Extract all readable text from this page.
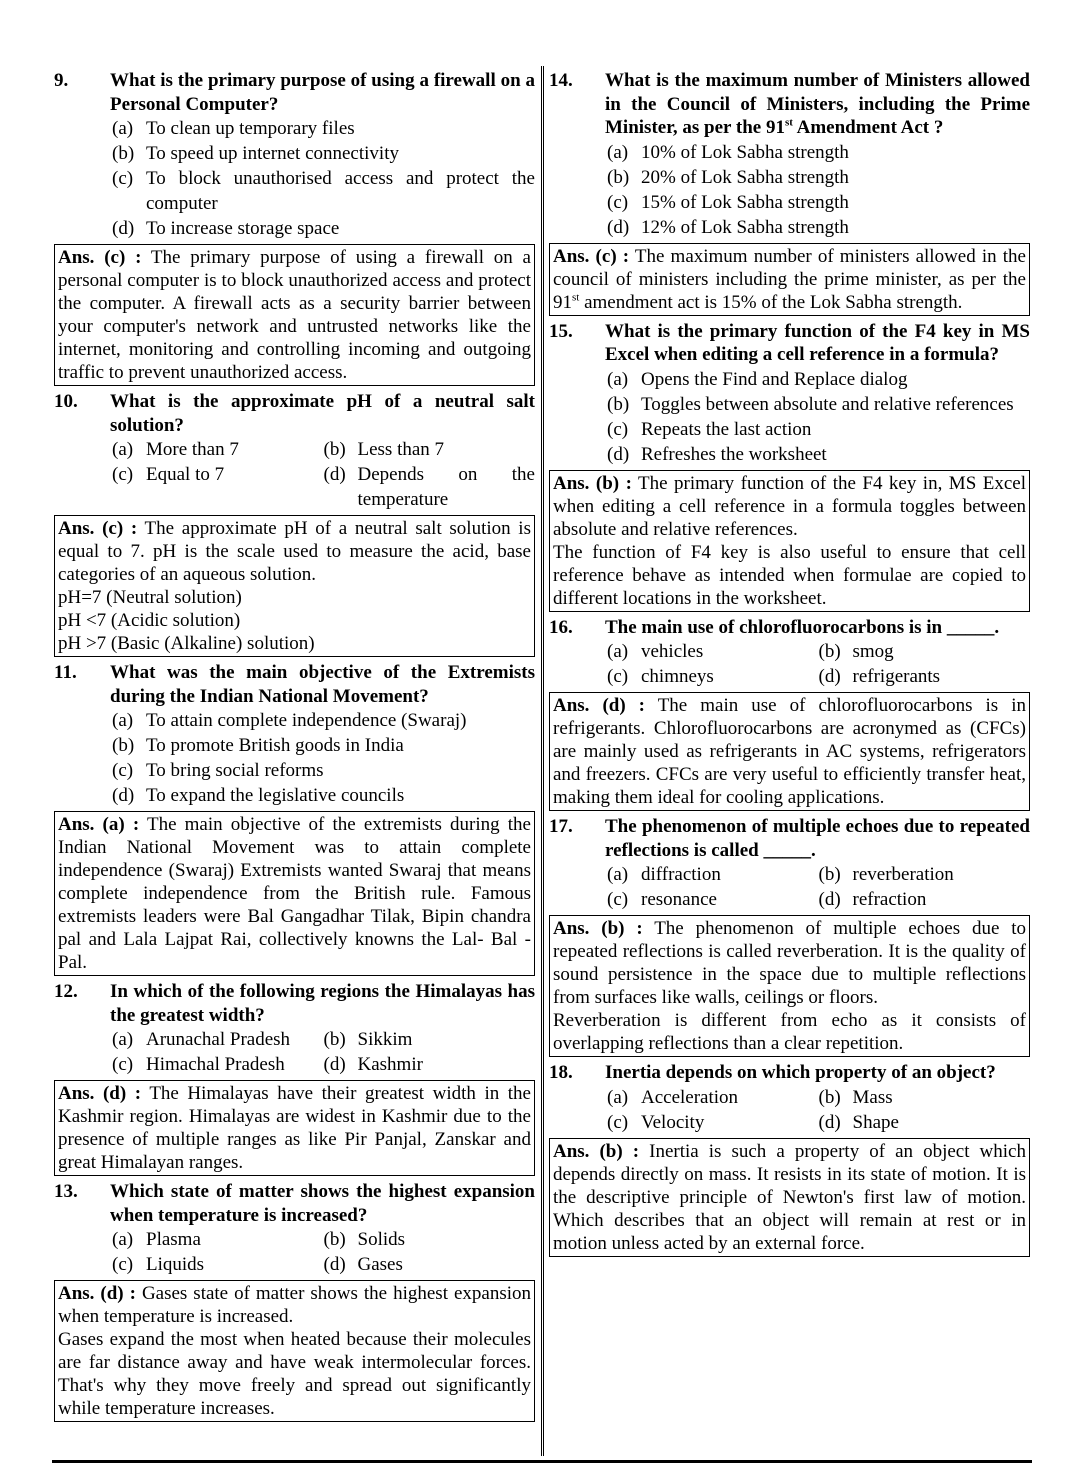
9.	What is the primary purpose of using a firewall on a Personal Computer?
(a) To clean up temporary files
(b) To speed up internet connectivity
(c) To block unauthorised access and protect the computer
(d) To increase storage space

Ans. (c) : The primary purpose of using a firewall on a personal computer is to block unauthorized access and protect the computer. A firewall acts as a security barrier between your computer's network and untrusted networks like the internet, monitoring and controlling incoming and outgoing traffic to prevent unauthorized access.

10.	What is the approximate pH of a neutral salt solution?
(a) More than 7	(b) Less than 7
(c) Equal to 7	(d) Depends on the temperature

Ans. (c) : The approximate pH of a neutral salt solution is equal to 7. pH is the scale used to measure the acid, base categories of an aqueous solution.

pH=7 (Neutral solution)

pH <7 (Acidic solution)

pH >7 (Basic (Alkaline) solution)

11.	What was the main objective of the Extremists during the Indian National Movement?
(a) To attain complete independence (Swaraj)
(b) To promote British goods in India
(c) To bring social reforms
(d) To expand the legislative councils

Ans. (a) : The main objective of the extremists during the Indian National Movement was to attain complete independence (Swaraj) Extremists wanted Swaraj that means complete independence from the British rule. Famous extremists leaders were Bal Gangadhar Tilak, Bipin chandra pal and Lala Lajpat Rai, collectively knowns the Lal- Bal - Pal.

12.	In which of the following regions the Himalayas has the greatest width?
(a) Arunachal Pradesh	(b) Sikkim
(c) Himachal Pradesh	(d) Kashmir

Ans. (d) : The Himalayas have their greatest width in the Kashmir region. Himalayas are widest in Kashmir due to the presence of multiple ranges as like Pir Panjal, Zanskar and great Himalayan ranges.

13.	Which state of matter shows the highest expansion when temperature is increased?
(a) Plasma	(b) Solids
(c) Liquids	(d) Gases

Ans. (d) : Gases state of matter shows the highest expansion when temperature is increased.

Gases expand the most when heated because their molecules are far distance away and have weak intermolecular forces. That's why they move freely and spread out significantly while temperature increases.

14.	What is the maximum number of Ministers allowed in the Council of Ministers, including the Prime Minister, as per the 91st Amendment Act ?
(a) 10% of Lok Sabha strength
(b) 20% of Lok Sabha strength
(c) 15% of Lok Sabha strength
(d) 12% of Lok Sabha strength

Ans. (c) : The maximum number of ministers allowed in the council of ministers including the prime minister, as per the 91st amendment act is 15% of the Lok Sabha strength.

15.	What is the primary function of the F4 key in MS Excel when editing a cell reference in a formula?
(a) Opens the Find and Replace dialog
(b) Toggles between absolute and relative references
(c) Repeats the last action
(d) Refreshes the worksheet

Ans. (b) : The primary function of the F4 key in, MS Excel when editing a cell reference in a formula toggles between absolute and relative references.

The function of F4 key is also useful to ensure that cell reference behave as intended when formulae are copied to different locations in the worksheet.

16.	The main use of chlorofluorocarbons is in _____.
(a) vehicles	(b) smog
(c) chimneys	(d) refrigerants

Ans. (d) : The main use of chlorofluorocarbons is in refrigerants. Chlorofluorocarbons are acronymed as (CFCs) are mainly used as refrigerants in AC systems, refrigerators and freezers. CFCs are very useful to efficiently transfer heat, making them ideal for cooling applications.

17.	The phenomenon of multiple echoes due to repeated reflections is called _____.
(a) diffraction	(b) reverberation
(c) resonance	(d) refraction

Ans. (b) : The phenomenon of multiple echoes due to repeated reflections is called reverberation. It is the quality of sound persistence in the space due to multiple reflections from surfaces like walls, ceilings or floors.

Reverberation is different from echo as it consists of overlapping reflections than a clear repetition.

18.	Inertia depends on which property of an object?
(a) Acceleration	(b) Mass
(c) Velocity	(d) Shape

Ans. (b) : Inertia is such a property of an object which depends directly on mass. It resists in its state of motion. It is the descriptive principle of Newton's first law of motion. Which describes that an object will remain at rest or in motion unless acted by an external force.
